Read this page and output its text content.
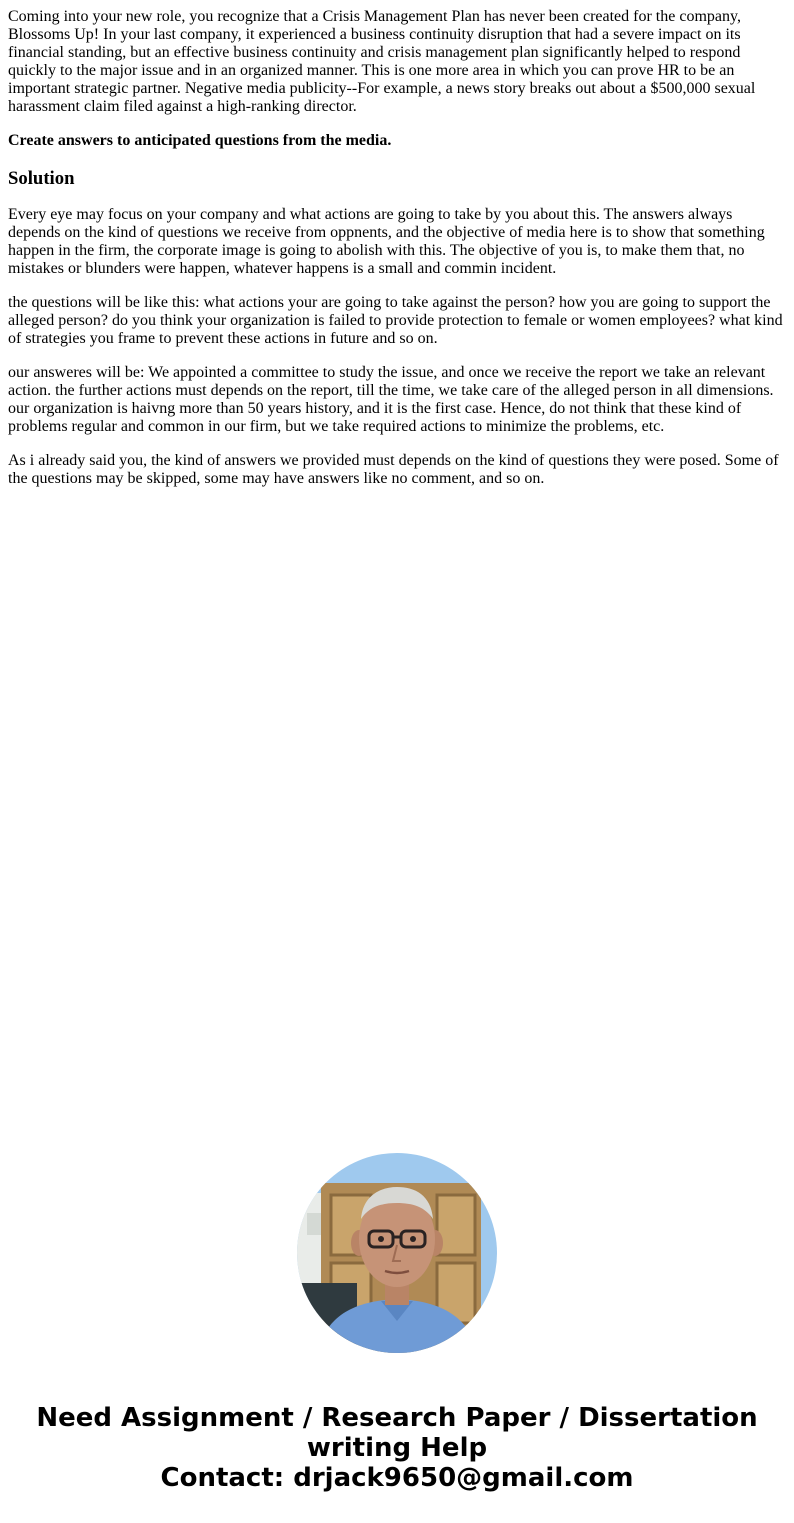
Coming into your new role, you recognize that a Crisis Management Plan has never been created for the company, Blossoms Up! In your last company, it experienced a business continuity disruption that had a severe impact on its financial standing, but an effective business continuity and crisis management plan significantly helped to respond quickly to the major issue and in an organized manner. This is one more area in which you can prove HR to be an important strategic partner. Negative media publicity--For example, a news story breaks out about a $500,000 sexual harassment claim filed against a high-ranking director.

Create answers to anticipated questions from the media.

Solution

Every eye may focus on your company and what actions are going to take by you about this. The answers always depends on the kind of questions we receive from oppnents, and the objective of media here is to show that something happen in the firm, the corporate image is going to abolish with this. The objective of you is, to make them that, no mistakes or blunders were happen, whatever happens is a small and commin incident.

the questions will be like this: what actions your are going to take against the person? how you are going to support the alleged person? do you think your organization is failed to provide protection to female or women employees? what kind of strategies you frame to prevent these actions in future and so on.

our answeres will be: We appointed a committee to study the issue, and once we receive the report we take an relevant action. the further actions must depends on the report, till the time, we take care of the alleged person in all dimensions. our organization is haivng more than 50 years history, and it is the first case. Hence, do not think that these kind of problems regular and common in our firm, but we take required actions to minimize the problems, etc.

As i already said you, the kind of answers we provided must depends on the kind of questions they were posed. Some of the questions may be skipped, some may have answers like no comment, and so on.

Need Assignment / Research Paper / Dissertation
writing Help
Contact: drjack9650@gmail.com
